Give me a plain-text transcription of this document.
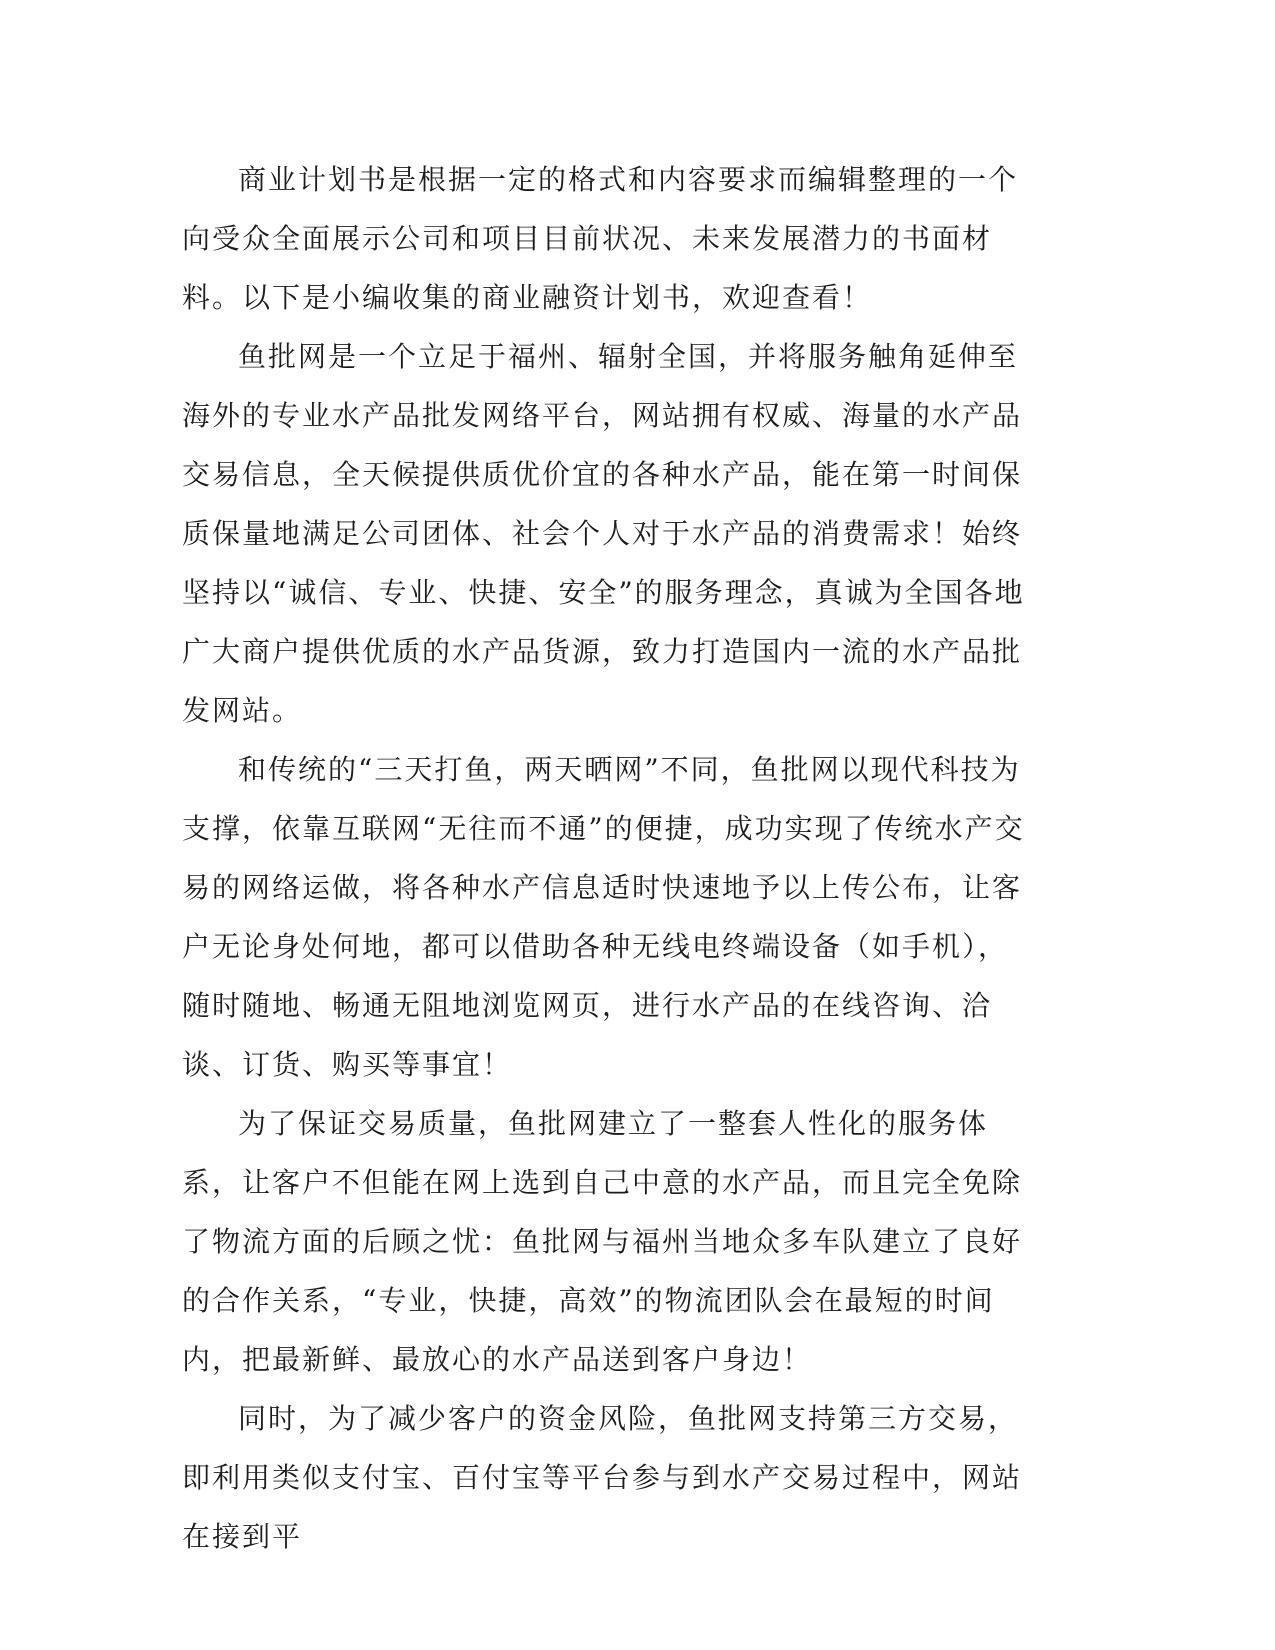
商业计划书是根据一定的格式和内容要求而编辑整理的一个向受众全面展示公司和项目目前状况、未来发展潜力的书面材料。以下是小编收集的商业融资计划书，欢迎查看！

鱼批网是一个立足于福州、辐射全国，并将服务触角延伸至海外的专业水产品批发网络平台，网站拥有权威、海量的水产品交易信息，全天候提供质优价宜的各种水产品，能在第一时间保质保量地满足公司团体、社会个人对于水产品的消费需求！始终坚持以“诚信、专业、快捷、安全”的服务理念，真诚为全国各地广大商户提供优质的水产品货源，致力打造国内一流的水产品批发网站。

和传统的“三天打鱼，两天晒网”不同，鱼批网以现代科技为支撑，依靠互联网“无往而不通”的便捷，成功实现了传统水产交易的网络运做，将各种水产信息适时快速地予以上传公布，让客户无论身处何地，都可以借助各种无线电终端设备（如手机），随时随地、畅通无阻地浏览网页，进行水产品的在线咨询、洽谈、订货、购买等事宜！

为了保证交易质量，鱼批网建立了一整套人性化的服务体系，让客户不但能在网上选到自己中意的水产品，而且完全免除了物流方面的后顾之忧：鱼批网与福州当地众多车队建立了良好的合作关系，“专业，快捷，高效”的物流团队会在最短的时间内，把最新鲜、最放心的水产品送到客户身边！

同时，为了减少客户的资金风险，鱼批网支持第三方交易，即利用类似支付宝、百付宝等平台参与到水产交易过程中，网站在接到平
